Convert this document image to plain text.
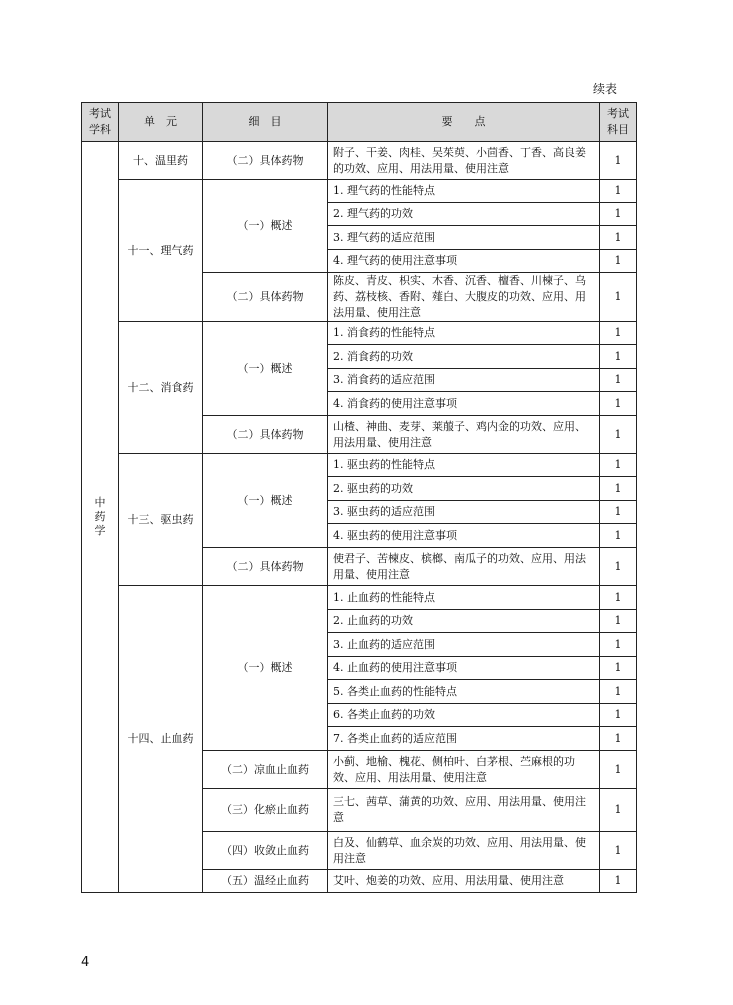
续表
考试学科	单　元	细　目	要　　点	考试科目
中药学	十、温里药	（二）具体药物	附子、干姜、肉桂、吴茱萸、小茴香、丁香、高良姜的功效、应用、用法用量、使用注意	1
	十一、理气药	（一）概述	1. 理气药的性能特点	1
			2. 理气药的功效	1
			3. 理气药的适应范围	1
			4. 理气药的使用注意事项	1
		（二）具体药物	陈皮、青皮、枳实、木香、沉香、檀香、川楝子、乌药、荔枝核、香附、薤白、大腹皮的功效、应用、用法用量、使用注意	1
	十二、消食药	（一）概述	1. 消食药的性能特点	1
			2. 消食药的功效	1
			3. 消食药的适应范围	1
			4. 消食药的使用注意事项	1
		（二）具体药物	山楂、神曲、麦芽、莱菔子、鸡内金的功效、应用、用法用量、使用注意	1
	十三、驱虫药	（一）概述	1. 驱虫药的性能特点	1
			2. 驱虫药的功效	1
			3. 驱虫药的适应范围	1
			4. 驱虫药的使用注意事项	1
		（二）具体药物	使君子、苦楝皮、槟榔、南瓜子的功效、应用、用法用量、使用注意	1
	十四、止血药	（一）概述	1. 止血药的性能特点	1
			2. 止血药的功效	1
			3. 止血药的适应范围	1
			4. 止血药的使用注意事项	1
			5. 各类止血药的性能特点	1
			6. 各类止血药的功效	1
			7. 各类止血药的适应范围	1
		（二）凉血止血药	小蓟、地榆、槐花、侧柏叶、白茅根、苎麻根的功效、应用、用法用量、使用注意	1
		（三）化瘀止血药	三七、茜草、蒲黄的功效、应用、用法用量、使用注意	1
		（四）收敛止血药	白及、仙鹤草、血余炭的功效、应用、用法用量、使用注意	1
		（五）温经止血药	艾叶、炮姜的功效、应用、用法用量、使用注意	1
4
